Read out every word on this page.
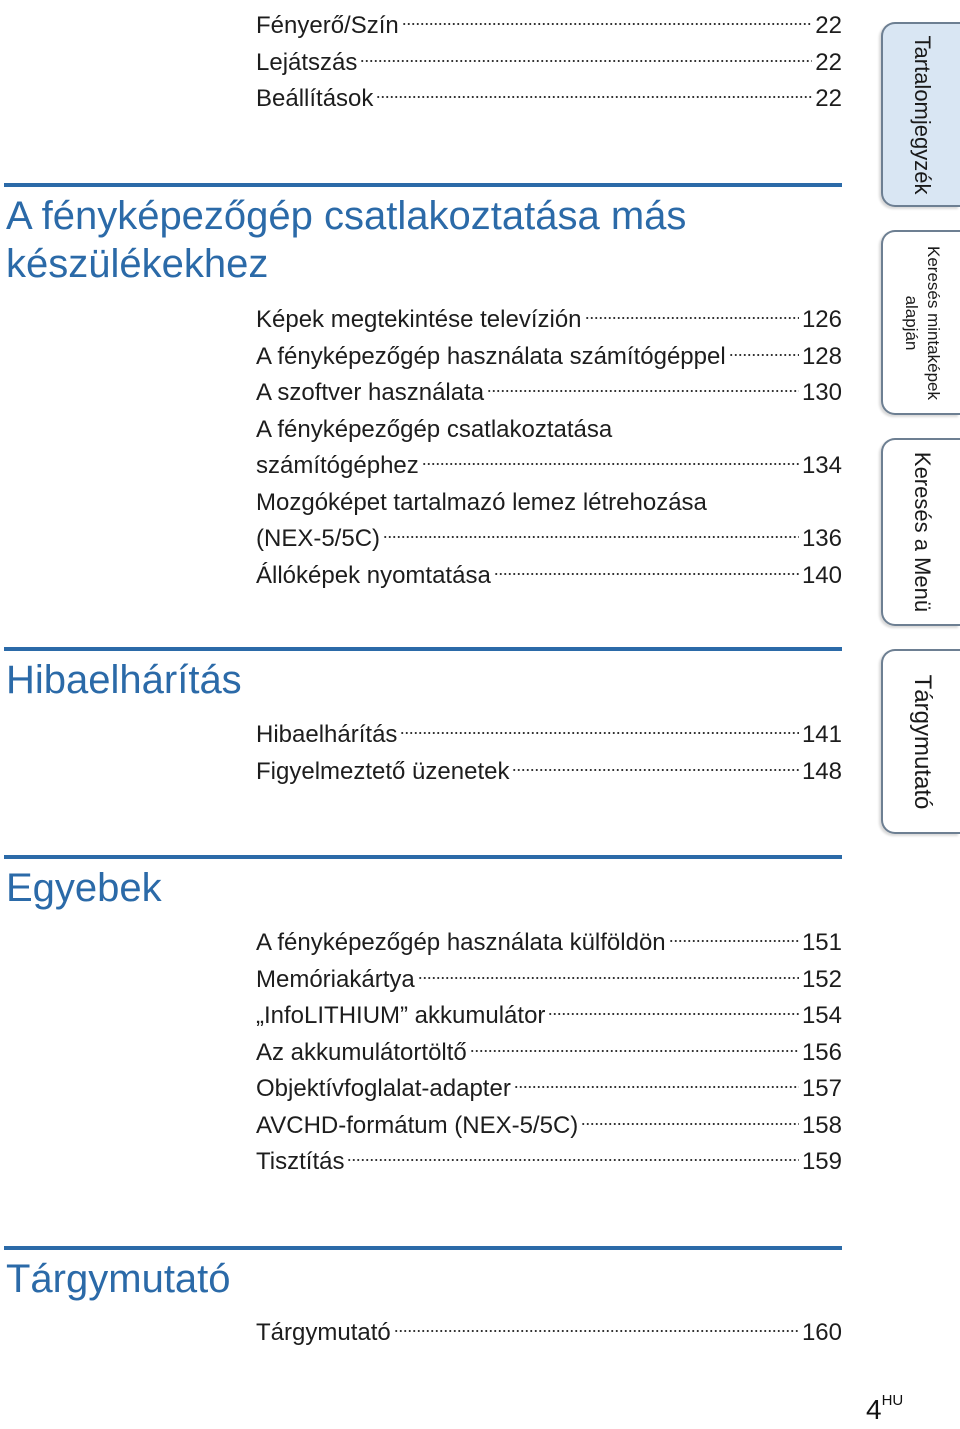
Fényerő/Szín	22
Lejátszás	22
Beállítások	22
A fényképezőgép csatlakoztatása más
készülékekhez
Képek megtekintése televízión	126
A fényképezőgép használata számítógéppel	128
A szoftver használata	130
A fényképezőgép csatlakoztatása
számítógéphez	134
Mozgóképet tartalmazó lemez létrehozása
(NEX-5/5C)	136
Állóképek nyomtatása	140
Hibaelhárítás
Hibaelhárítás	141
Figyelmeztető üzenetek	148
Egyebek
A fényképezőgép használata külföldön	151
Memóriakártya	152
„InfoLITHIUM” akkumulátor	154
Az akkumulátortöltő	156
Objektívfoglalat-adapter	157
AVCHD-formátum (NEX-5/5C)	158
Tisztítás	159
Tárgymutató
Tárgymutató	160
Tartalomjegyzék
Keresés mintaképek
alapján
Keresés a Menü
Tárgymutató
$4^{HU}$
